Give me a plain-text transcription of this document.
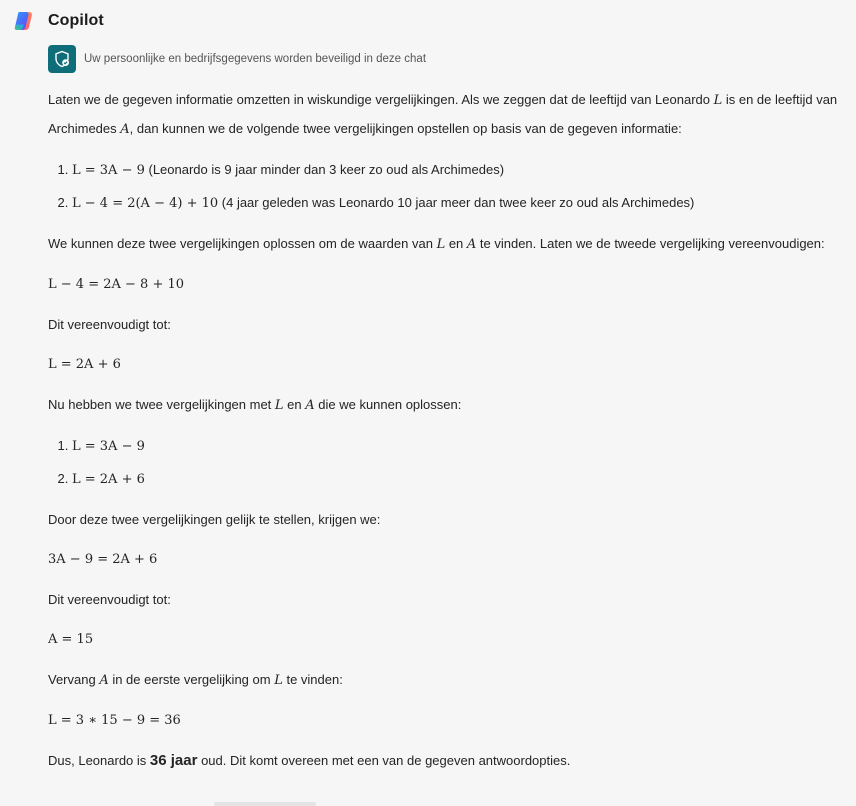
Copilot
Uw persoonlijke en bedrijfsgegevens worden beveiligd in deze chat

Laten we de gegeven informatie omzetten in wiskundige vergelijkingen. Als we zeggen dat de leeftijd van Leonardo L is en de leeftijd van Archimedes A, dan kunnen we de volgende twee vergelijkingen opstellen op basis van de gegeven informatie:

1. L = 3A − 9 (Leonardo is 9 jaar minder dan 3 keer zo oud als Archimedes)
2. L − 4 = 2(A − 4) + 10 (4 jaar geleden was Leonardo 10 jaar meer dan twee keer zo oud als Archimedes)

We kunnen deze twee vergelijkingen oplossen om de waarden van L en A te vinden. Laten we de tweede vergelijking vereenvoudigen:

L − 4 = 2A − 8 + 10

Dit vereenvoudigt tot:

L = 2A + 6

Nu hebben we twee vergelijkingen met L en A die we kunnen oplossen:

1. L = 3A − 9
2. L = 2A + 6

Door deze twee vergelijkingen gelijk te stellen, krijgen we:

3A − 9 = 2A + 6

Dit vereenvoudigt tot:

A = 15

Vervang A in de eerste vergelijking om L te vinden:

L = 3 ∗ 15 − 9 = 36

Dus, Leonardo is 36 jaar oud. Dit komt overeen met een van de gegeven antwoordopties.
